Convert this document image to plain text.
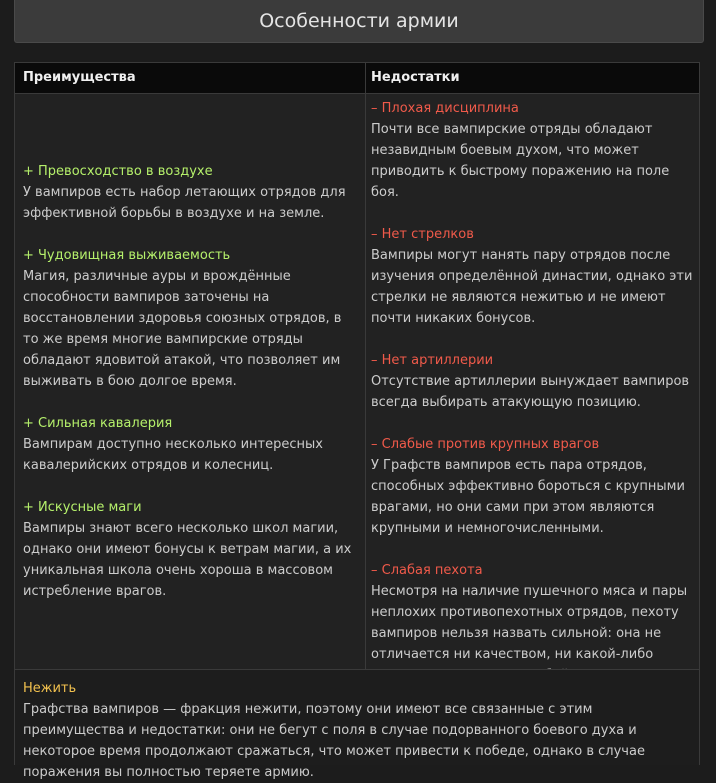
Особенности армии
Преимущества	Недостатки
+ Превосходство в воздухе
У вампиров есть набор летающих отрядов для эффективной борьбы в воздухе и на земле.
+ Чудовищная выживаемость
Магия, различные ауры и врождённые способности вампиров заточены на восстановлении здоровья союзных отрядов, в то же время многие вампирские отряды обладают ядовитой атакой, что позволяет им выживать в бою долгое время.
+ Сильная кавалерия
Вампирам доступно несколько интересных кавалерийских отрядов и колесниц.
+ Искусные маги
Вампиры знают всего несколько школ магии, однако они имеют бонусы к ветрам магии, а их уникальная школа очень хороша в массовом истребление врагов.
– Плохая дисциплина
Почти все вампирские отряды обладают незавидным боевым духом, что может приводить к быстрому поражению на поле боя.
– Нет стрелков
Вампиры могут нанять пару отрядов после изучения определённой династии, однако эти стрелки не являются нежитью и не имеют почти никаких бонусов.
– Нет артиллерии
Отсутствие артиллерии вынуждает вампиров всегда выбирать атакующую позицию.
– Слабые против крупных врагов
У Графств вампиров есть пара отрядов, способных эффективно бороться с крупными врагами, но они сами при этом являются крупными и немногочисленными.
– Слабая пехота
Несмотря на наличие пушечного мяса и пары неплохих противопехотных отрядов, пехоту вампиров нельзя назвать сильной: она не отличается ни качеством, ни какой-либо
Нежить
Графства вампиров — фракция нежити, поэтому они имеют все связанные с этим преимущества и недостатки: они не бегут с поля в случае подорванного боевого духа и некоторое время продолжают сражаться, что может привести к победе, однако в случае поражения вы полностью теряете армию.
